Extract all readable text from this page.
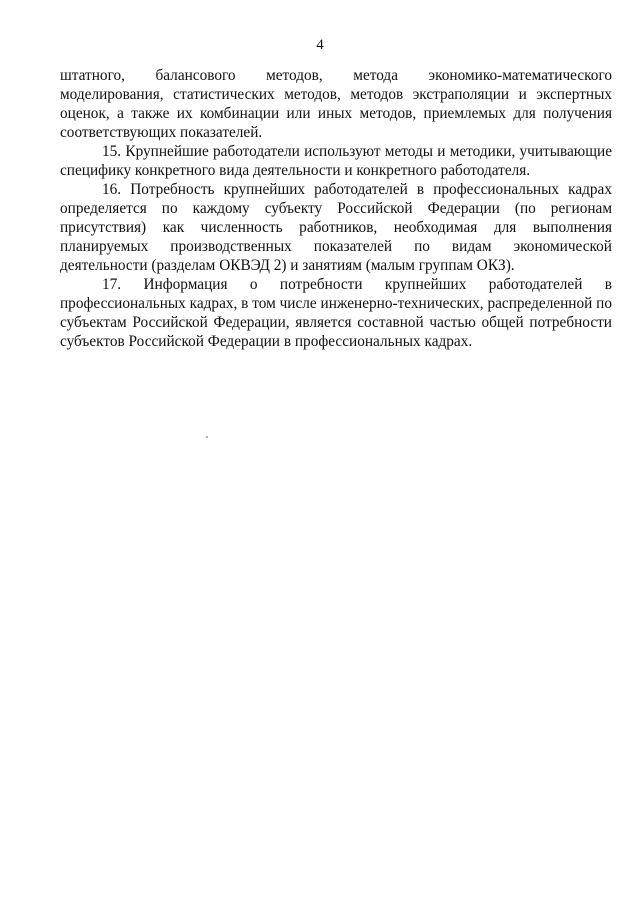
4

штатного, балансового методов, метода экономико-математического моделирования, статистических методов, методов экстраполяции и экспертных оценок, а также их комбинации или иных методов, приемлемых для получения соответствующих показателей.

15. Крупнейшие работодатели используют методы и методики, учитывающие специфику конкретного вида деятельности и конкретного работодателя.

16. Потребность крупнейших работодателей в профессиональных кадрах определяется по каждому субъекту Российской Федерации (по регионам присутствия) как численность работников, необходимая для выполнения планируемых производственных показателей по видам экономической деятельности (разделам ОКВЭД 2) и занятиям (малым группам ОКЗ).

17. Информация о потребности крупнейших работодателей в профессиональных кадрах, в том числе инженерно-технических, распределенной по субъектам Российской Федерации, является составной частью общей потребности субъектов Российской Федерации в профессиональных кадрах.
